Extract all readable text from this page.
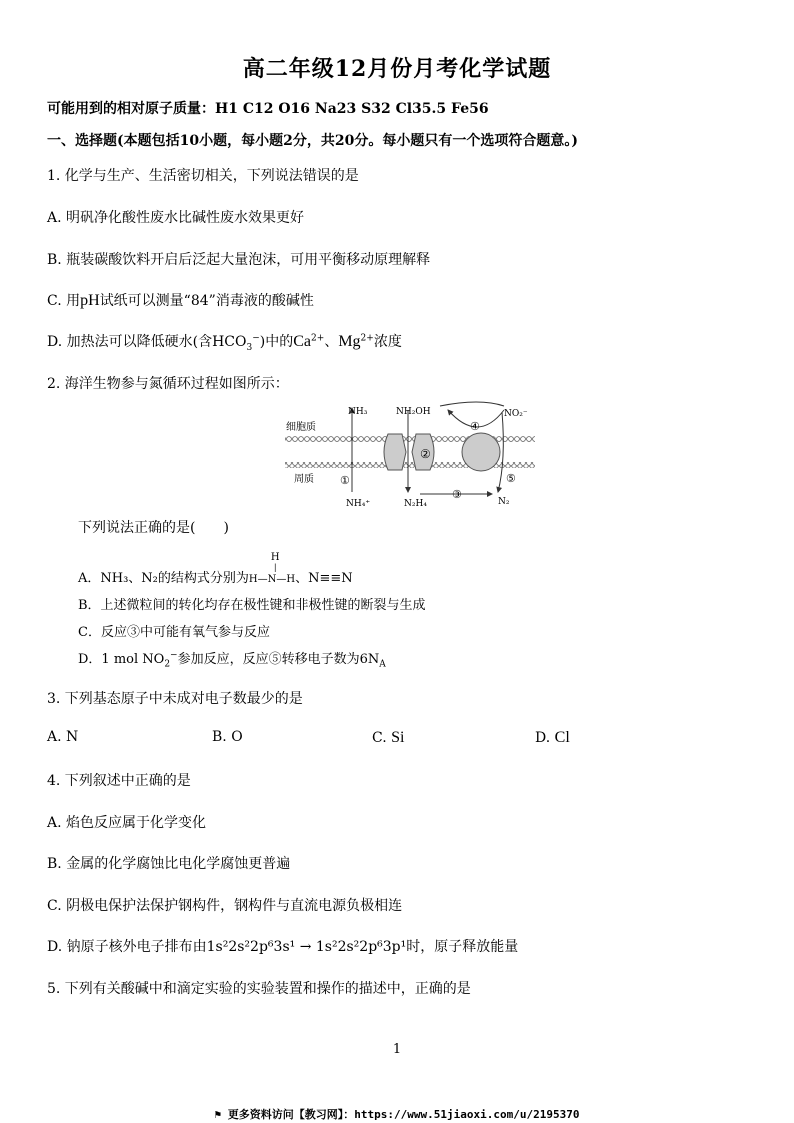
高二年级12月份月考化学试题
可能用到的相对原子质量：H1 C12 O16 Na23 S32 Cl35.5 Fe56
一、选择题(本题包括10小题，每小题2分，共20分。每小题只有一个选项符合题意。)
1. 化学与生产、生活密切相关，下列说法错误的是
A. 明矾净化酸性废水比碱性废水效果更好
B. 瓶装碳酸饮料开启后泛起大量泡沫，可用平衡移动原理解释
C. 用pH试纸可以测量“84”消毒液的酸碱性
D. 加热法可以降低硬水(含$HCO_3^-$)中的$Ca^{2+}$、$Mg^{2+}$浓度
2. 海洋生物参与氮循环过程如图所示：
细胞质
周质
NH₃	NH₂OH	NO₂⁻
NH₄⁺	N₂H₄	N₂
①
②
③
④
⑤
下列说法正确的是(　　)
A．NH₃、N₂的结构式分别为
H
|
H—N—H、N≡≡N
B．上述微粒间的转化均存在极性键和非极性键的断裂与生成
C．反应③中可能有氧气参与反应
D．1 mol $NO_2^-$参加反应，反应⑤转移电子数为$6N_A$
3. 下列基态原子中未成对电子数最少的是
A. N	B. O	C. Si	D. Cl
4. 下列叙述中正确的是
A. 焰色反应属于化学变化
B. 金属的化学腐蚀比电化学腐蚀更普遍
C. 阴极电保护法保护钢构件，钢构件与直流电源负极相连
D. 钠原子核外电子排布由1s²2s²2p⁶3s¹ → 1s²2s²2p⁶3p¹时，原子释放能量
5. 下列有关酸碱中和滴定实验的实验装置和操作的描述中，正确的是
1
⚑ 更多资料访问【教习网】：https://www.51jiaoxi.com/u/2195370
